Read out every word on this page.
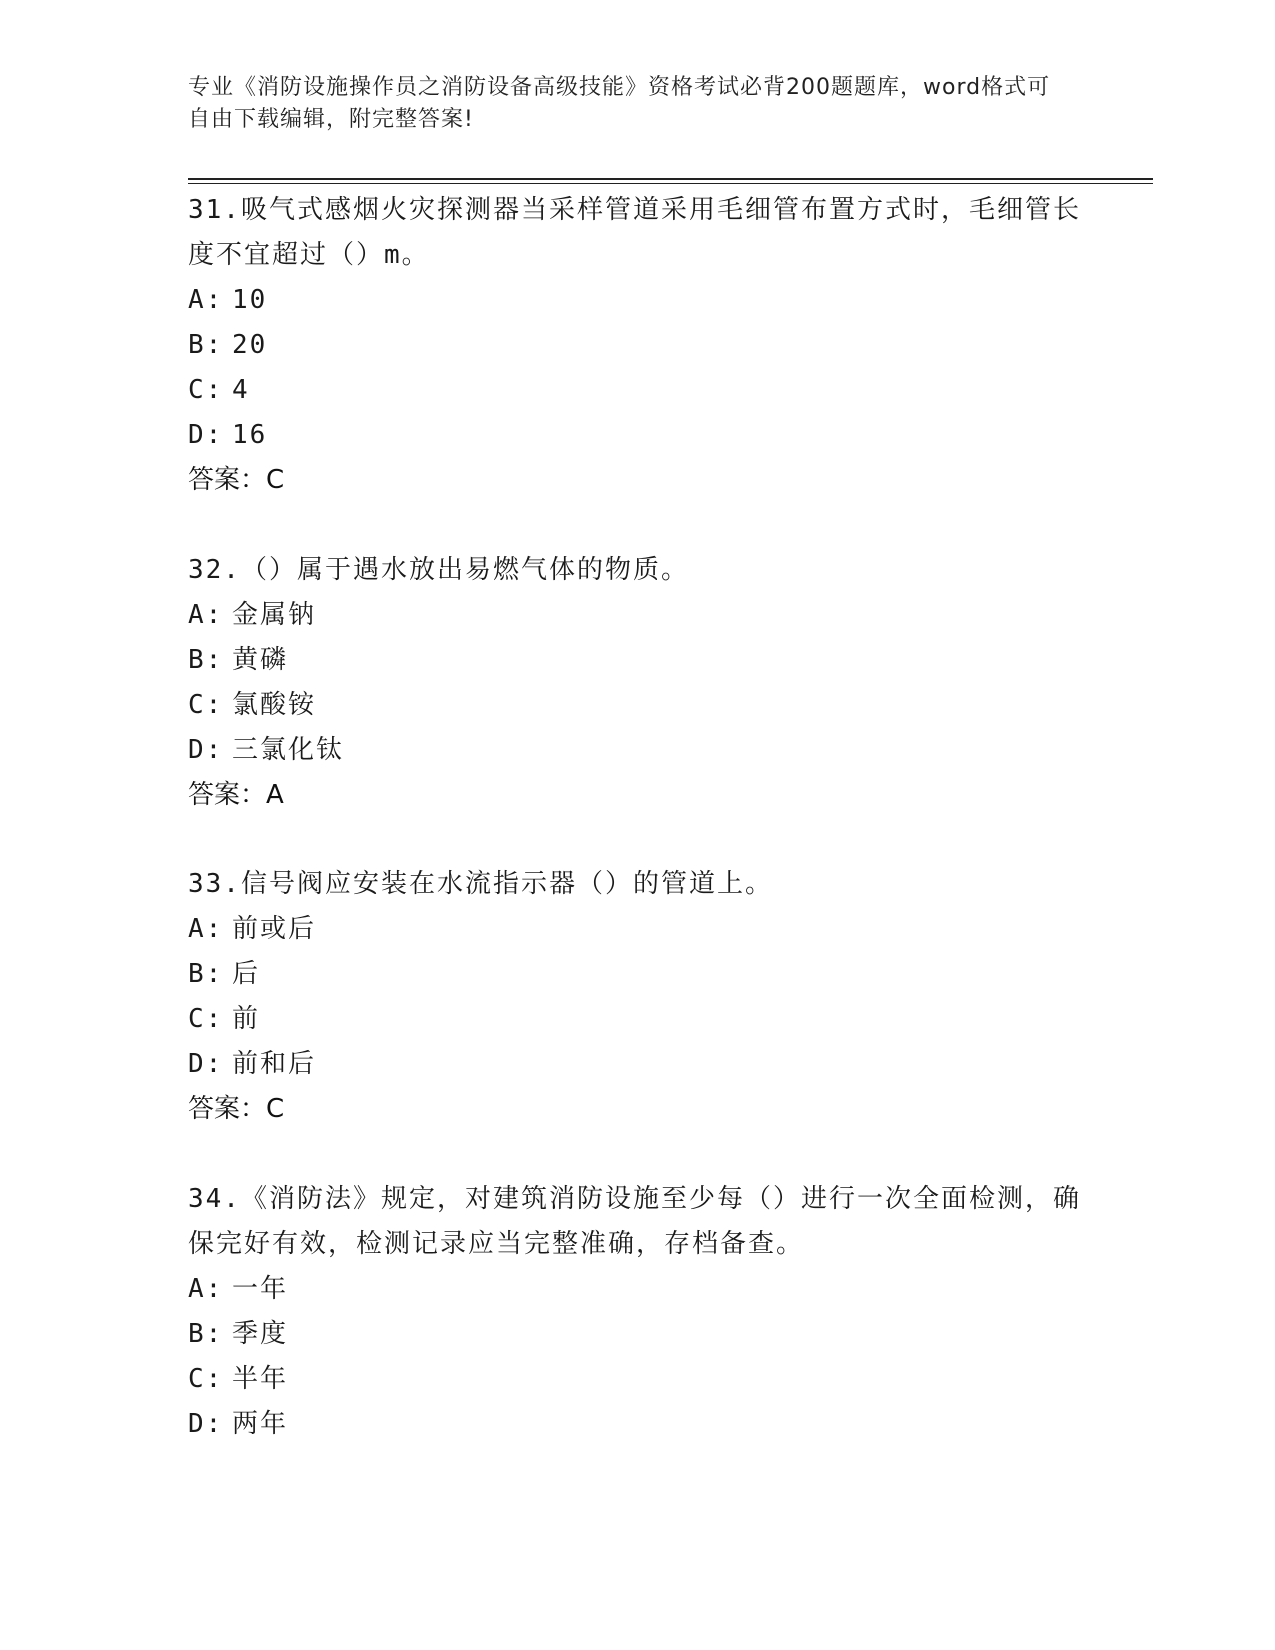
专业《消防设施操作员之消防设备高级技能》资格考试必背200题题库，word格式可自由下载编辑，附完整答案!

31.吸气式感烟火灾探测器当采样管道采用毛细管布置方式时，毛细管长度不宜超过（）m。

A: 10

B: 20

C: 4

D: 16

答案：C

32.（）属于遇水放出易燃气体的物质。

A: 金属钠

B: 黄磷

C: 氯酸铵

D: 三氯化钛

答案：A

33.信号阀应安装在水流指示器（）的管道上。

A: 前或后

B: 后

C: 前

D: 前和后

答案：C

34.《消防法》规定，对建筑消防设施至少每（）进行一次全面检测，确保完好有效，检测记录应当完整准确，存档备查。

A: 一年

B: 季度

C: 半年

D: 两年
